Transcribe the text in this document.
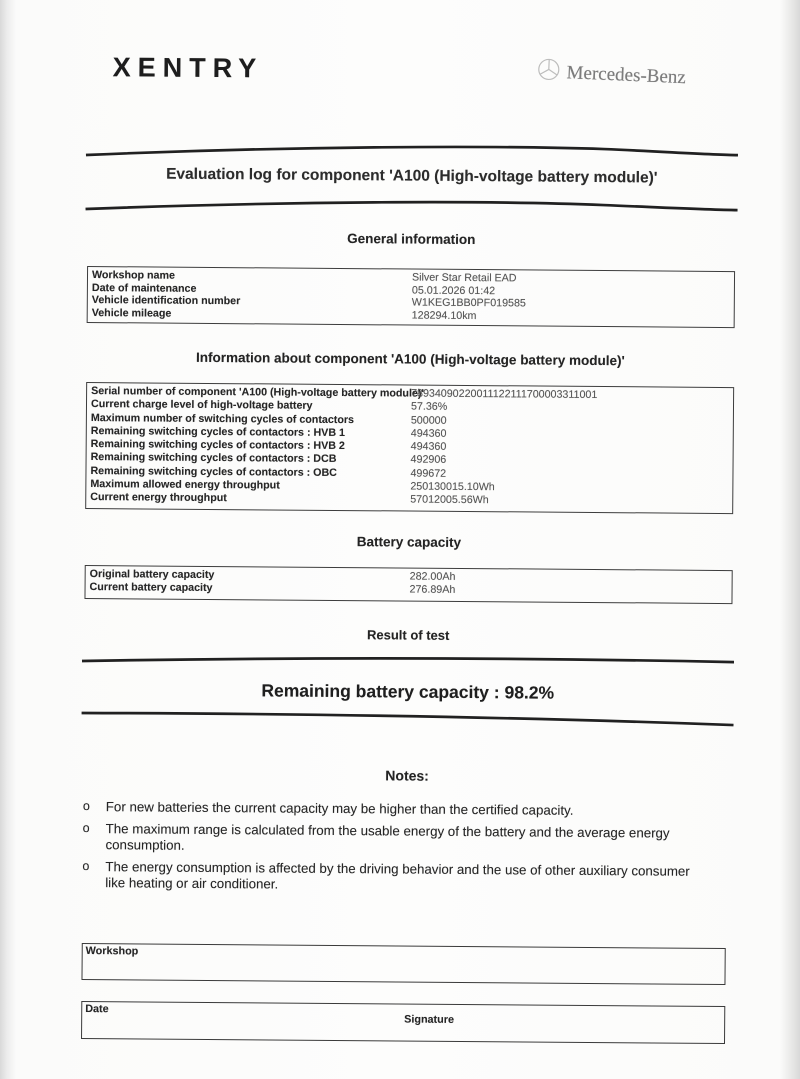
XENTRY	Mercedes-Benz
Evaluation log for component 'A100 (High-voltage battery module)'
General information
Workshop name	Silver Star Retail EAD
Date of maintenance	05.01.2026 01:42
Vehicle identification number	W1KEG1BB0PF019585
Vehicle mileage	128294.10km
Information about component 'A100 (High-voltage battery module)'
Serial number of component 'A100 (High-voltage battery module)'
78934090220011122111700003311001
Current charge level of high-voltage battery	57.36%
Maximum number of switching cycles of contactors	500000
Remaining switching cycles of contactors : HVB 1	494360
Remaining switching cycles of contactors : HVB 2	494360
Remaining switching cycles of contactors : DCB	492906
Remaining switching cycles of contactors : OBC	499672
Maximum allowed energy throughput	250130015.10Wh
Current energy throughput	57012005.56Wh
Battery capacity
Original battery capacity	282.00Ah
Current battery capacity	276.89Ah
Result of test
Remaining battery capacity : 98.2%
Notes:
o	For new batteries the current capacity may be higher than the certified capacity.
o	The maximum range is calculated from the usable energy of the battery and the average energy consumption.
o	The energy consumption is affected by the driving behavior and the use of other auxiliary consumer like heating or air conditioner.
Workshop
Date
Signature
